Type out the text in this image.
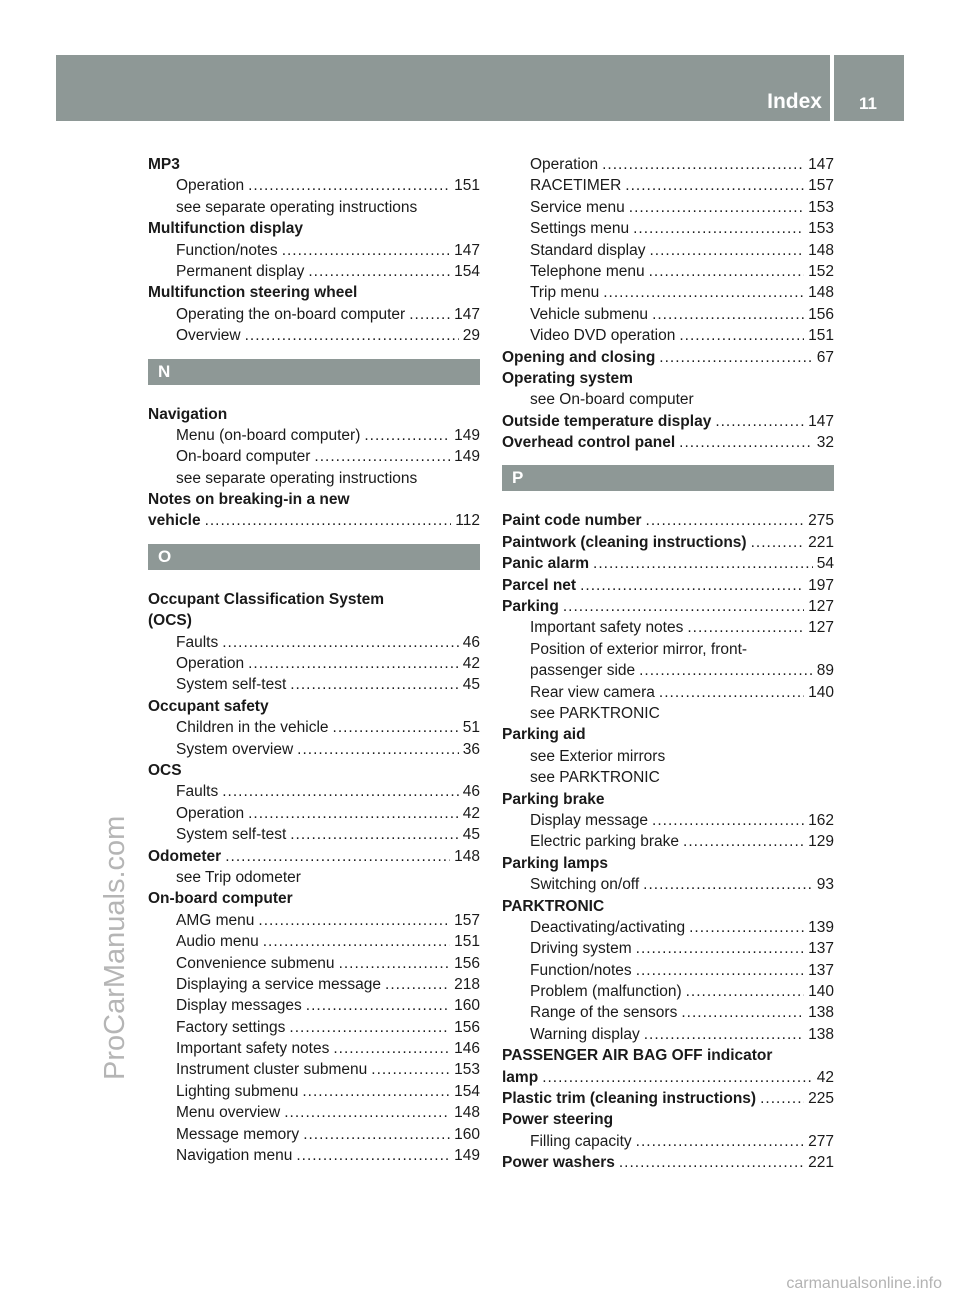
Index	11
MP3
Operation .....	151
see separate operating instructions
Multifunction display
Function/notes .....	147
Permanent display .....	154
Multifunction steering wheel
Operating the on-board computer .....	147
Overview .....	29
N
Navigation
Menu (on-board computer) .....	149
On-board computer .....	149
see separate operating instructions
Notes on breaking-in a new
vehicle .....	112
O
Occupant Classification System
(OCS)
Faults .....	46
Operation .....	42
System self-test .....	45
Occupant safety
Children in the vehicle .....	51
System overview .....	36
OCS
Faults .....	46
Operation .....	42
System self-test .....	45
Odometer .....	148
see Trip odometer
On-board computer
AMG menu .....	157
Audio menu .....	151
Convenience submenu .....	156
Displaying a service message .....	218
Display messages .....	160
Factory settings .....	156
Important safety notes .....	146
Instrument cluster submenu .....	153
Lighting submenu .....	154
Menu overview .....	148
Message memory .....	160
Navigation menu .....	149
Operation .....	147
RACETIMER .....	157
Service menu .....	153
Settings menu .....	153
Standard display .....	148
Telephone menu .....	152
Trip menu .....	148
Vehicle submenu .....	156
Video DVD operation .....	151
Opening and closing .....	67
Operating system
see On-board computer
Outside temperature display .....	147
Overhead control panel .....	32
P
Paint code number .....	275
Paintwork (cleaning instructions) .....	221
Panic alarm .....	54
Parcel net .....	197
Parking .....	127
Important safety notes .....	127
Position of exterior mirror, front-
passenger side .....	89
Rear view camera .....	140
see PARKTRONIC
Parking aid
see Exterior mirrors
see PARKTRONIC
Parking brake
Display message .....	162
Electric parking brake .....	129
Parking lamps
Switching on/off .....	93
PARKTRONIC
Deactivating/activating .....	139
Driving system .....	137
Function/notes .....	137
Problem (malfunction) .....	140
Range of the sensors .....	138
Warning display .....	138
PASSENGER AIR BAG OFF indicator
lamp .....	42
Plastic trim (cleaning instructions) .....	225
Power steering
Filling capacity .....	277
Power washers .....	221
ProCarManuals.com
carmanualsonline.info
